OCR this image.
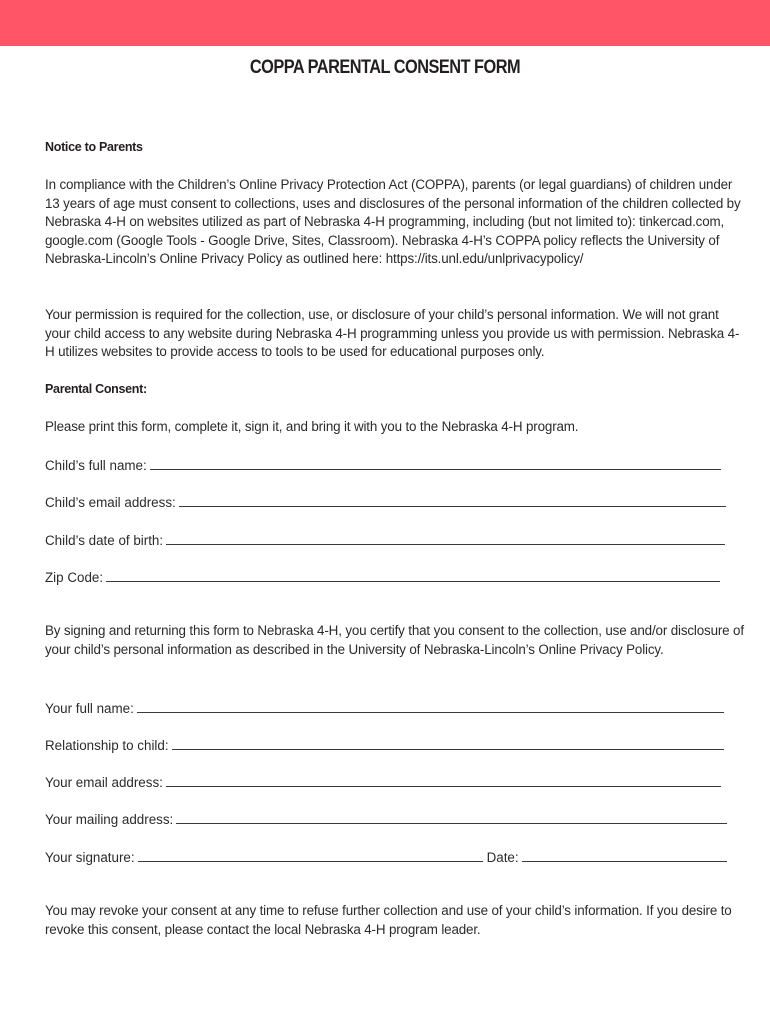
COPPA PARENTAL CONSENT FORM
Notice to Parents
In compliance with the Children’s Online Privacy Protection Act (COPPA), parents (or legal guardians) of children under 13 years of age must consent to collections, uses and disclosures of the personal information of the children collected by Nebraska 4-H on websites utilized as part of Nebraska 4-H programming, including (but not limited to): tinkercad.com, google.com (Google Tools - Google Drive, Sites, Classroom). Nebraska 4-H’s COPPA policy reflects the University of Nebraska-Lincoln’s Online Privacy Policy as outlined here: https://its.unl.edu/unlprivacypolicy/
Your permission is required for the collection, use, or disclosure of your child’s personal information. We will not grant your child access to any website during Nebraska 4-H programming unless you provide us with permission. Nebraska 4-H utilizes websites to provide access to tools to be used for educational purposes only.
Parental Consent:
Please print this form, complete it, sign it, and bring it with you to the Nebraska 4-H program.
Child’s full name:
Child’s email address:
Child’s date of birth:
Zip Code:
By signing and returning this form to Nebraska 4-H, you certify that you consent to the collection, use and/or disclosure of your child’s personal information as described in the University of Nebraska-Lincoln’s Online Privacy Policy.
Your full name:
Relationship to child:
Your email address:
Your mailing address:
Your signature:	Date:
You may revoke your consent at any time to refuse further collection and use of your child’s information. If you desire to revoke this consent, please contact the local Nebraska 4-H program leader.
